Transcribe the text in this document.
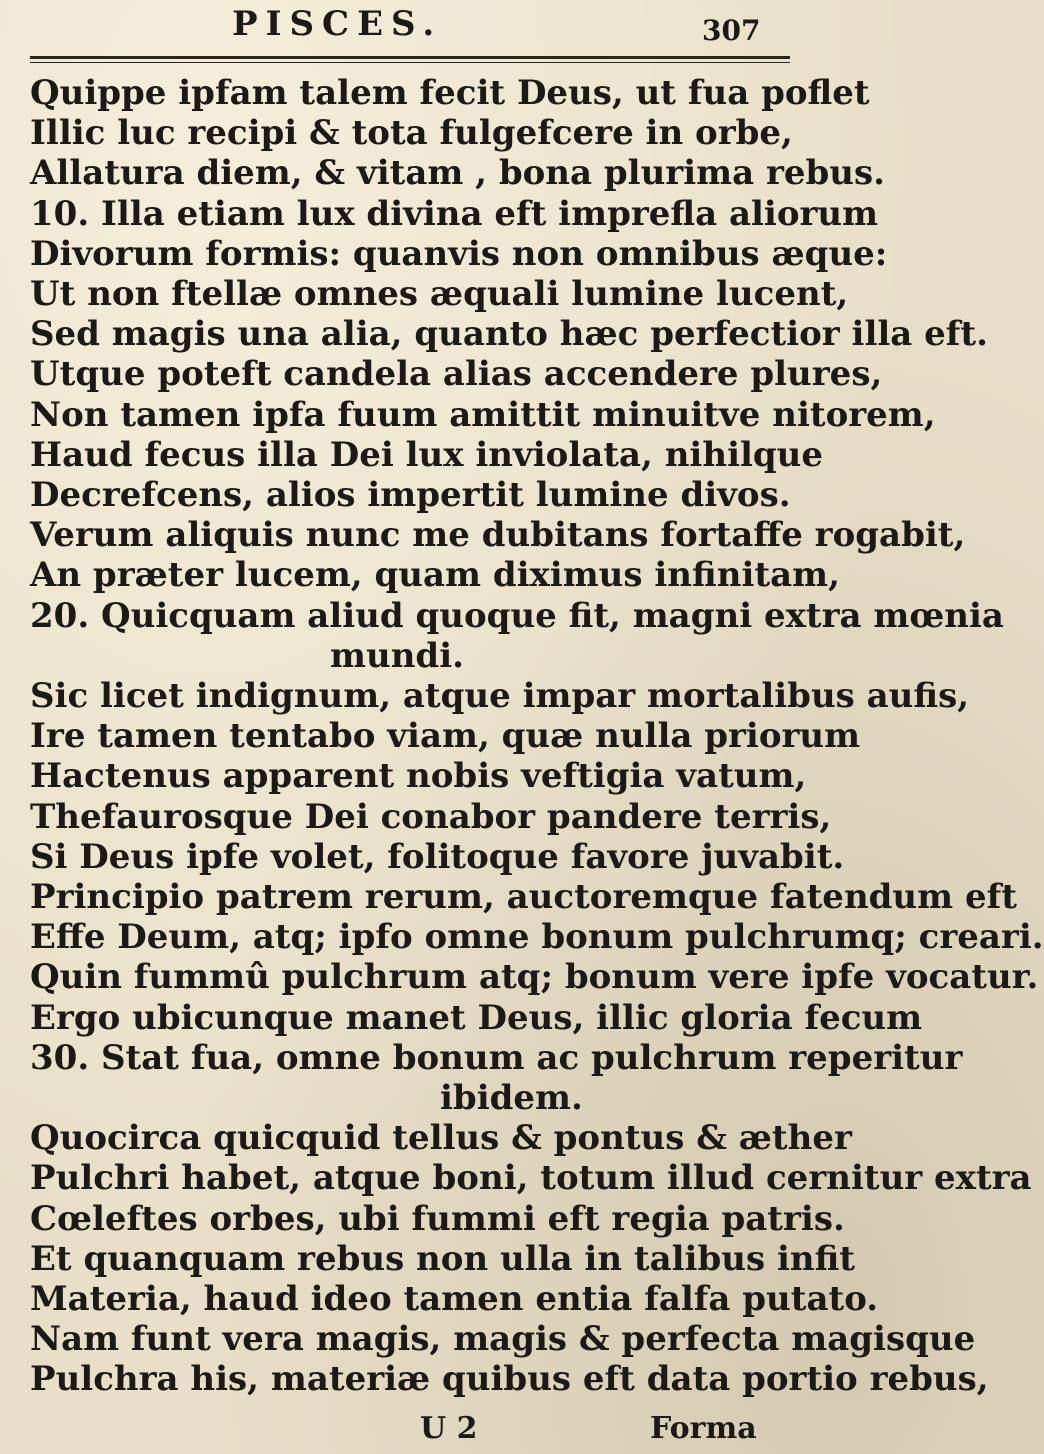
PISCES.	307
Quippe ipfam talem fecit Deus, ut fua poflet
Illic luc recipi & tota fulgefcere in orbe,
Allatura diem, & vitam , bona plurima rebus.
10. Illa etiam lux divina eft imprefla aliorum
Divorum formis: quanvis non omnibus æque:
Ut non ftellæ omnes æquali lumine lucent,
Sed magis una alia, quanto hæc perfectior illa eft.
Utque poteft candela alias accendere plures,
Non tamen ipfa fuum amittit minuitve nitorem,
Haud fecus illa Dei lux inviolata, nihilque
Decrefcens, alios impertit lumine divos.
Verum aliquis nunc me dubitans fortaffe rogabit,
An præter lucem, quam diximus infinitam,
20. Quicquam aliud quoque fit, magni extra mœnia
mundi.
Sic licet indignum, atque impar mortalibus aufis,
Ire tamen tentabo viam, quæ nulla priorum
Hactenus apparent nobis veftigia vatum,
Thefaurosque Dei conabor pandere terris,
Si Deus ipfe volet, folitoque favore juvabit.
Principio patrem rerum, auctoremque fatendum eft
Effe Deum, atq; ipfo omne bonum pulchrumq; creari.
Quin fummû pulchrum atq; bonum vere ipfe vocatur.
Ergo ubicunque manet Deus, illic gloria fecum
30. Stat fua, omne bonum ac pulchrum reperitur
ibidem.
Quocirca quicquid tellus & pontus & æther
Pulchri habet, atque boni, totum illud cernitur extra
Cœleftes orbes, ubi fummi eft regia patris.
Et quanquam rebus non ulla in talibus infit
Materia, haud ideo tamen entia falfa putato.
Nam funt vera magis, magis & perfecta magisque
Pulchra his, materiæ quibus eft data portio rebus,
U 2	Forma
